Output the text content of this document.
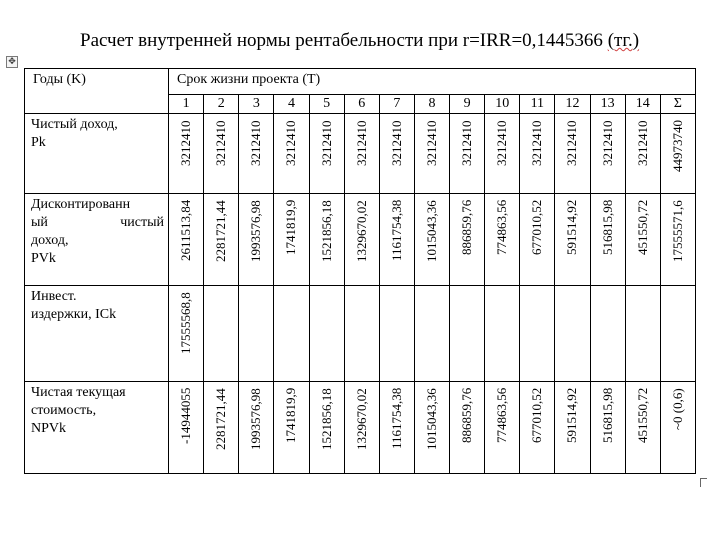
Расчет внутренней нормы рентабельности при r=IRR=0,1445366 (тг.)
✥
Годы (K)	Срок жизни проекта (T)														
	1	2	3	4	5	6	7	8	9	10	11	12	13	14	Σ

Чистый доход,
Pk	3212410	3212410	3212410	3212410	3212410	3212410	3212410	3212410	3212410	3212410	3212410	3212410	3212410	3212410	44973740

Дисконтированн
ый чистый
доход,
PVk	2611513,84	2281721,44	1993576,98	1741819,9	1521856,18	1329670,02	1161754,38	1015043,36	886859,76	774863,56	677010,52	591514,92	516815,98	451550,72	17555571,6

Инвест.
издержки, ICk	17555568,8														

Чистая текущая
стоимость,
NPVk	-14944055	2281721,44	1993576,98	1741819,9	1521856,18	1329670,02	1161754,38	1015043,36	886859,76	774863,56	677010,52	591514,92	516815,98	451550,72	~0 (0,6)
